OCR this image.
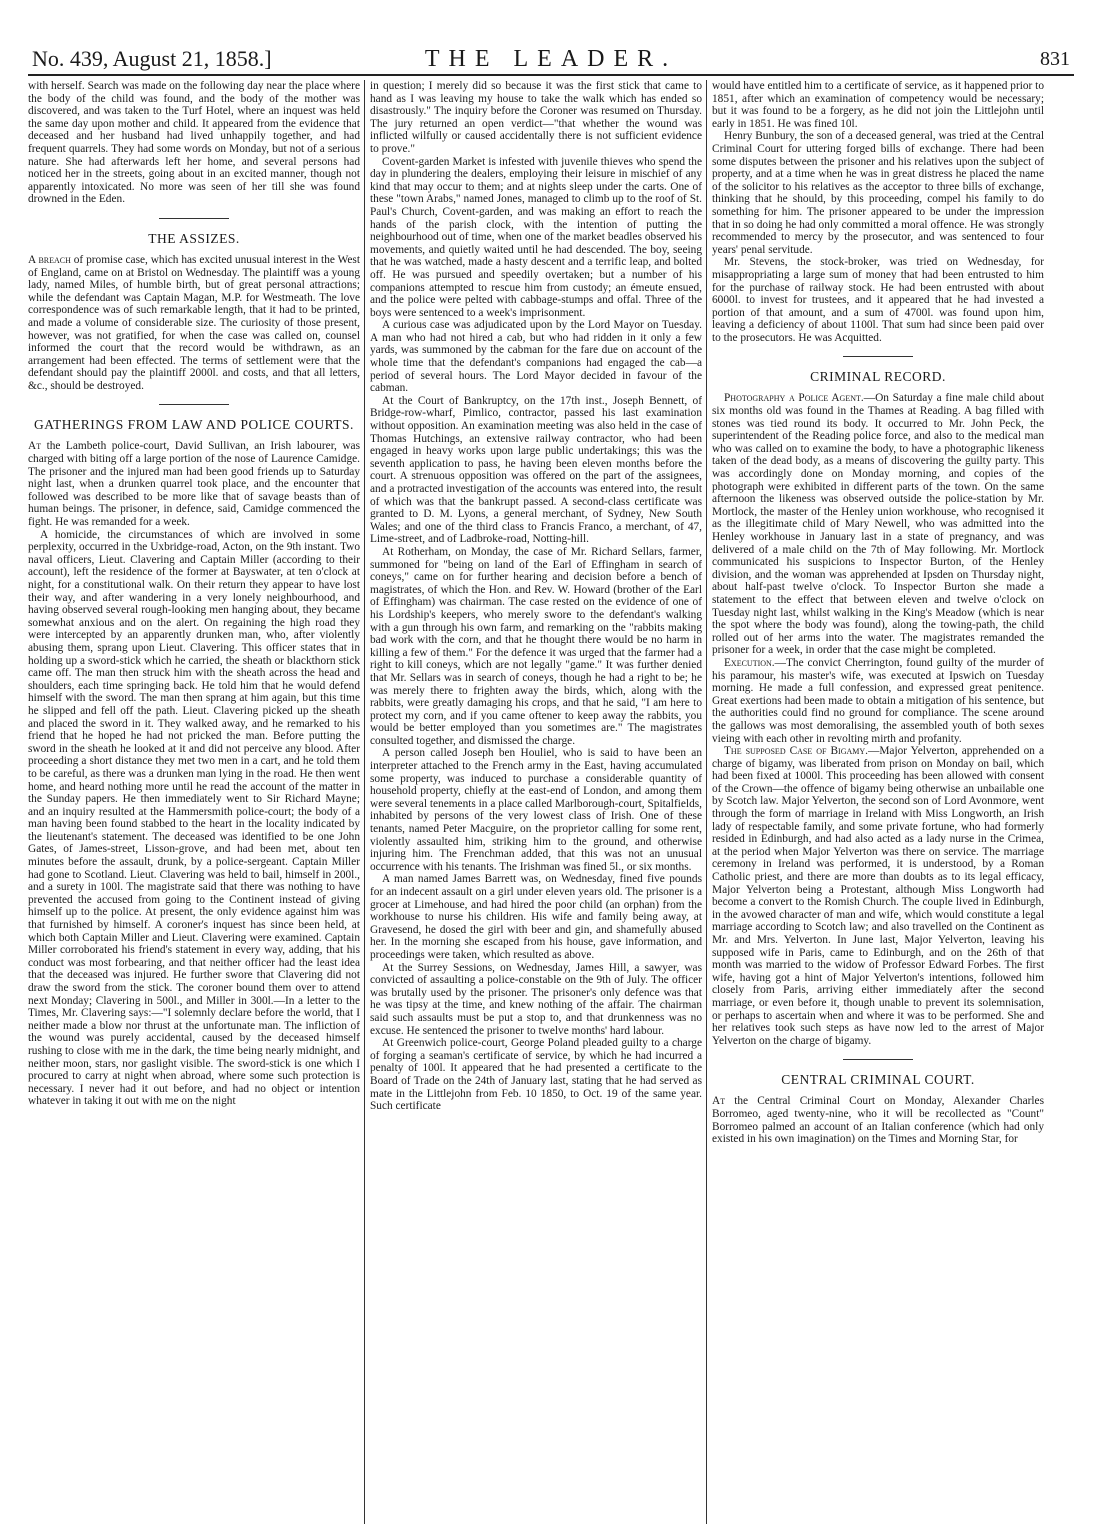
No. 439, August 21, 1858.]	THE LEADER.	831

with herself. Search was made on the following day near the place where the body of the child was found, and the body of the mother was discovered, and was taken to the Turf Hotel, where an inquest was held the same day upon mother and child. It appeared from the evidence that deceased and her husband had lived unhappily together, and had frequent quarrels. They had some words on Monday, but not of a serious nature. She had afterwards left her home, and several persons had noticed her in the streets, going about in an excited manner, though not apparently intoxicated. No more was seen of her till she was found drowned in the Eden.

THE ASSIZES.

A breach of promise case, which has excited unusual interest in the West of England, came on at Bristol on Wednesday. The plaintiff was a young lady, named Miles, of humble birth, but of great personal attractions; while the defendant was Captain Magan, M.P. for Westmeath. The love correspondence was of such remarkable length, that it had to be printed, and made a volume of considerable size. The curiosity of those present, however, was not gratified, for when the case was called on, counsel informed the court that the record would be withdrawn, as an arrangement had been effected. The terms of settlement were that the defendant should pay the plaintiff 2000l. and costs, and that all letters, &c., should be destroyed.

GATHERINGS FROM LAW AND POLICE COURTS.

At the Lambeth police-court, David Sullivan, an Irish labourer, was charged with biting off a large portion of the nose of Laurence Camidge. The prisoner and the injured man had been good friends up to Saturday night last, when a drunken quarrel took place, and the encounter that followed was described to be more like that of savage beasts than of human beings. The prisoner, in defence, said, Camidge commenced the fight. He was remanded for a week.

A homicide, the circumstances of which are involved in some perplexity, occurred in the Uxbridge-road, Acton, on the 9th instant. Two naval officers, Lieut. Clavering and Captain Miller (according to their account), left the residence of the former at Bayswater, at ten o'clock at night, for a constitutional walk. On their return they appear to have lost their way, and after wandering in a very lonely neighbourhood, and having observed several rough-looking men hanging about, they became somewhat anxious and on the alert. On regaining the high road they were intercepted by an apparently drunken man, who, after violently abusing them, sprang upon Lieut. Clavering. This officer states that in holding up a sword-stick which he carried, the sheath or blackthorn stick came off. The man then struck him with the sheath across the head and shoulders, each time springing back. He told him that he would defend himself with the sword. The man then sprang at him again, but this time he slipped and fell off the path. Lieut. Clavering picked up the sheath and placed the sword in it. They walked away, and he remarked to his friend that he hoped he had not pricked the man. Before putting the sword in the sheath he looked at it and did not perceive any blood. After proceeding a short distance they met two men in a cart, and he told them to be careful, as there was a drunken man lying in the road. He then went home, and heard nothing more until he read the account of the matter in the Sunday papers. He then immediately went to Sir Richard Mayne; and an inquiry resulted at the Hammersmith police-court; the body of a man having been found stabbed to the heart in the locality indicated by the lieutenant's statement. The deceased was identified to be one John Gates, of James-street, Lisson-grove, and had been met, about ten minutes before the assault, drunk, by a police-sergeant. Captain Miller had gone to Scotland. Lieut. Clavering was held to bail, himself in 200l., and a surety in 100l. The magistrate said that there was nothing to have prevented the accused from going to the Continent instead of giving himself up to the police. At present, the only evidence against him was that furnished by himself. A coroner's inquest has since been held, at which both Captain Miller and Lieut. Clavering were examined. Captain Miller corroborated his friend's statement in every way, adding, that his conduct was most forbearing, and that neither officer had the least idea that the deceased was injured. He further swore that Clavering did not draw the sword from the stick. The coroner bound them over to attend next Monday; Clavering in 500l., and Miller in 300l.—In a letter to the Times, Mr. Clavering says:—"I solemnly declare before the world, that I neither made a blow nor thrust at the unfortunate man. The infliction of the wound was purely accidental, caused by the deceased himself rushing to close with me in the dark, the time being nearly midnight, and neither moon, stars, nor gaslight visible. The sword-stick is one which I procured to carry at night when abroad, where some such protection is necessary. I never had it out before, and had no object or intention whatever in taking it out with me on the night

in question; I merely did so because it was the first stick that came to hand as I was leaving my house to take the walk which has ended so disastrously." The inquiry before the Coroner was resumed on Thursday. The jury returned an open verdict—"that whether the wound was inflicted wilfully or caused accidentally there is not sufficient evidence to prove."

Covent-garden Market is infested with juvenile thieves who spend the day in plundering the dealers, employing their leisure in mischief of any kind that may occur to them; and at nights sleep under the carts. One of these "town Arabs," named Jones, managed to climb up to the roof of St. Paul's Church, Covent-garden, and was making an effort to reach the hands of the parish clock, with the intention of putting the neighbourhood out of time, when one of the market beadles observed his movements, and quietly waited until he had descended. The boy, seeing that he was watched, made a hasty descent and a terrific leap, and bolted off. He was pursued and speedily overtaken; but a number of his companions attempted to rescue him from custody; an émeute ensued, and the police were pelted with cabbage-stumps and offal. Three of the boys were sentenced to a week's imprisonment.

A curious case was adjudicated upon by the Lord Mayor on Tuesday. A man who had not hired a cab, but who had ridden in it only a few yards, was summoned by the cabman for the fare due on account of the whole time that the defendant's companions had engaged the cab—a period of several hours. The Lord Mayor decided in favour of the cabman.

At the Court of Bankruptcy, on the 17th inst., Joseph Bennett, of Bridge-row-wharf, Pimlico, contractor, passed his last examination without opposition. An examination meeting was also held in the case of Thomas Hutchings, an extensive railway contractor, who had been engaged in heavy works upon large public undertakings; this was the seventh application to pass, he having been eleven months before the court. A strenuous opposition was offered on the part of the assignees, and a protracted investigation of the accounts was entered into, the result of which was that the bankrupt passed. A second-class certificate was granted to D. M. Lyons, a general merchant, of Sydney, New South Wales; and one of the third class to Francis Franco, a merchant, of 47, Lime-street, and of Ladbroke-road, Notting-hill.

At Rotherham, on Monday, the case of Mr. Richard Sellars, farmer, summoned for "being on land of the Earl of Effingham in search of coneys," came on for further hearing and decision before a bench of magistrates, of which the Hon. and Rev. W. Howard (brother of the Earl of Effingham) was chairman. The case rested on the evidence of one of his Lordship's keepers, who merely swore to the defendant's walking with a gun through his own farm, and remarking on the "rabbits making bad work with the corn, and that he thought there would be no harm in killing a few of them." For the defence it was urged that the farmer had a right to kill coneys, which are not legally "game." It was further denied that Mr. Sellars was in search of coneys, though he had a right to be; he was merely there to frighten away the birds, which, along with the rabbits, were greatly damaging his crops, and that he said, "I am here to protect my corn, and if you came oftener to keep away the rabbits, you would be better employed than you sometimes are." The magistrates consulted together, and dismissed the charge.

A person called Joseph ben Houliel, who is said to have been an interpreter attached to the French army in the East, having accumulated some property, was induced to purchase a considerable quantity of household property, chiefly at the east-end of London, and among them were several tenements in a place called Marlborough-court, Spitalfields, inhabited by persons of the very lowest class of Irish. One of these tenants, named Peter Macguire, on the proprietor calling for some rent, violently assaulted him, striking him to the ground, and otherwise injuring him. The Frenchman added, that this was not an unusual occurrence with his tenants. The Irishman was fined 5l., or six months.

A man named James Barrett was, on Wednesday, fined five pounds for an indecent assault on a girl under eleven years old. The prisoner is a grocer at Limehouse, and had hired the poor child (an orphan) from the workhouse to nurse his children. His wife and family being away, at Gravesend, he dosed the girl with beer and gin, and shamefully abused her. In the morning she escaped from his house, gave information, and proceedings were taken, which resulted as above.

At the Surrey Sessions, on Wednesday, James Hill, a sawyer, was convicted of assaulting a police-constable on the 9th of July. The officer was brutally used by the prisoner. The prisoner's only defence was that he was tipsy at the time, and knew nothing of the affair. The chairman said such assaults must be put a stop to, and that drunkenness was no excuse. He sentenced the prisoner to twelve months' hard labour.

At Greenwich police-court, George Poland pleaded guilty to a charge of forging a seaman's certificate of service, by which he had incurred a penalty of 100l. It appeared that he had presented a certificate to the Board of Trade on the 24th of January last, stating that he had served as mate in the Littlejohn from Feb. 10 1850, to Oct. 19 of the same year. Such certificate

would have entitled him to a certificate of service, as it happened prior to 1851, after which an examination of competency would be necessary; but it was found to be a forgery, as he did not join the Littlejohn until early in 1851. He was fined 10l.

Henry Bunbury, the son of a deceased general, was tried at the Central Criminal Court for uttering forged bills of exchange. There had been some disputes between the prisoner and his relatives upon the subject of property, and at a time when he was in great distress he placed the name of the solicitor to his relatives as the acceptor to three bills of exchange, thinking that he should, by this proceeding, compel his family to do something for him. The prisoner appeared to be under the impression that in so doing he had only committed a moral offence. He was strongly recommended to mercy by the prosecutor, and was sentenced to four years' penal servitude.

Mr. Stevens, the stock-broker, was tried on Wednesday, for misappropriating a large sum of money that had been entrusted to him for the purchase of railway stock. He had been entrusted with about 6000l. to invest for trustees, and it appeared that he had invested a portion of that amount, and a sum of 4700l. was found upon him, leaving a deficiency of about 1100l. That sum had since been paid over to the prosecutors. He was Acquitted.

CRIMINAL RECORD.

Photography a Police Agent.—On Saturday a fine male child about six months old was found in the Thames at Reading. A bag filled with stones was tied round its body. It occurred to Mr. John Peck, the superintendent of the Reading police force, and also to the medical man who was called on to examine the body, to have a photographic likeness taken of the dead body, as a means of discovering the guilty party. This was accordingly done on Monday morning, and copies of the photograph were exhibited in different parts of the town. On the same afternoon the likeness was observed outside the police-station by Mr. Mortlock, the master of the Henley union workhouse, who recognised it as the illegitimate child of Mary Newell, who was admitted into the Henley workhouse in January last in a state of pregnancy, and was delivered of a male child on the 7th of May following. Mr. Mortlock communicated his suspicions to Inspector Burton, of the Henley division, and the woman was apprehended at Ipsden on Thursday night, about half-past twelve o'clock. To Inspector Burton she made a statement to the effect that between eleven and twelve o'clock on Tuesday night last, whilst walking in the King's Meadow (which is near the spot where the body was found), along the towing-path, the child rolled out of her arms into the water. The magistrates remanded the prisoner for a week, in order that the case might be completed.

Execution.—The convict Cherrington, found guilty of the murder of his paramour, his master's wife, was executed at Ipswich on Tuesday morning. He made a full confession, and expressed great penitence. Great exertions had been made to obtain a mitigation of his sentence, but the authorities could find no ground for compliance. The scene around the gallows was most demoralising, the assembled youth of both sexes vieing with each other in revolting mirth and profanity.

The supposed Case of Bigamy.—Major Yelverton, apprehended on a charge of bigamy, was liberated from prison on Monday on bail, which had been fixed at 1000l. This proceeding has been allowed with consent of the Crown—the offence of bigamy being otherwise an unbailable one by Scotch law. Major Yelverton, the second son of Lord Avonmore, went through the form of marriage in Ireland with Miss Longworth, an Irish lady of respectable family, and some private fortune, who had formerly resided in Edinburgh, and had also acted as a lady nurse in the Crimea, at the period when Major Yelverton was there on service. The marriage ceremony in Ireland was performed, it is understood, by a Roman Catholic priest, and there are more than doubts as to its legal efficacy, Major Yelverton being a Protestant, although Miss Longworth had become a convert to the Romish Church. The couple lived in Edinburgh, in the avowed character of man and wife, which would constitute a legal marriage according to Scotch law; and also travelled on the Continent as Mr. and Mrs. Yelverton. In June last, Major Yelverton, leaving his supposed wife in Paris, came to Edinburgh, and on the 26th of that month was married to the widow of Professor Edward Forbes. The first wife, having got a hint of Major Yelverton's intentions, followed him closely from Paris, arriving either immediately after the second marriage, or even before it, though unable to prevent its solemnisation, or perhaps to ascertain when and where it was to be performed. She and her relatives took such steps as have now led to the arrest of Major Yelverton on the charge of bigamy.

CENTRAL CRIMINAL COURT.

At the Central Criminal Court on Monday, Alexander Charles Borromeo, aged twenty-nine, who it will be recollected as "Count" Borromeo palmed an account of an Italian conference (which had only existed in his own imagination) on the Times and Morning Star, for
